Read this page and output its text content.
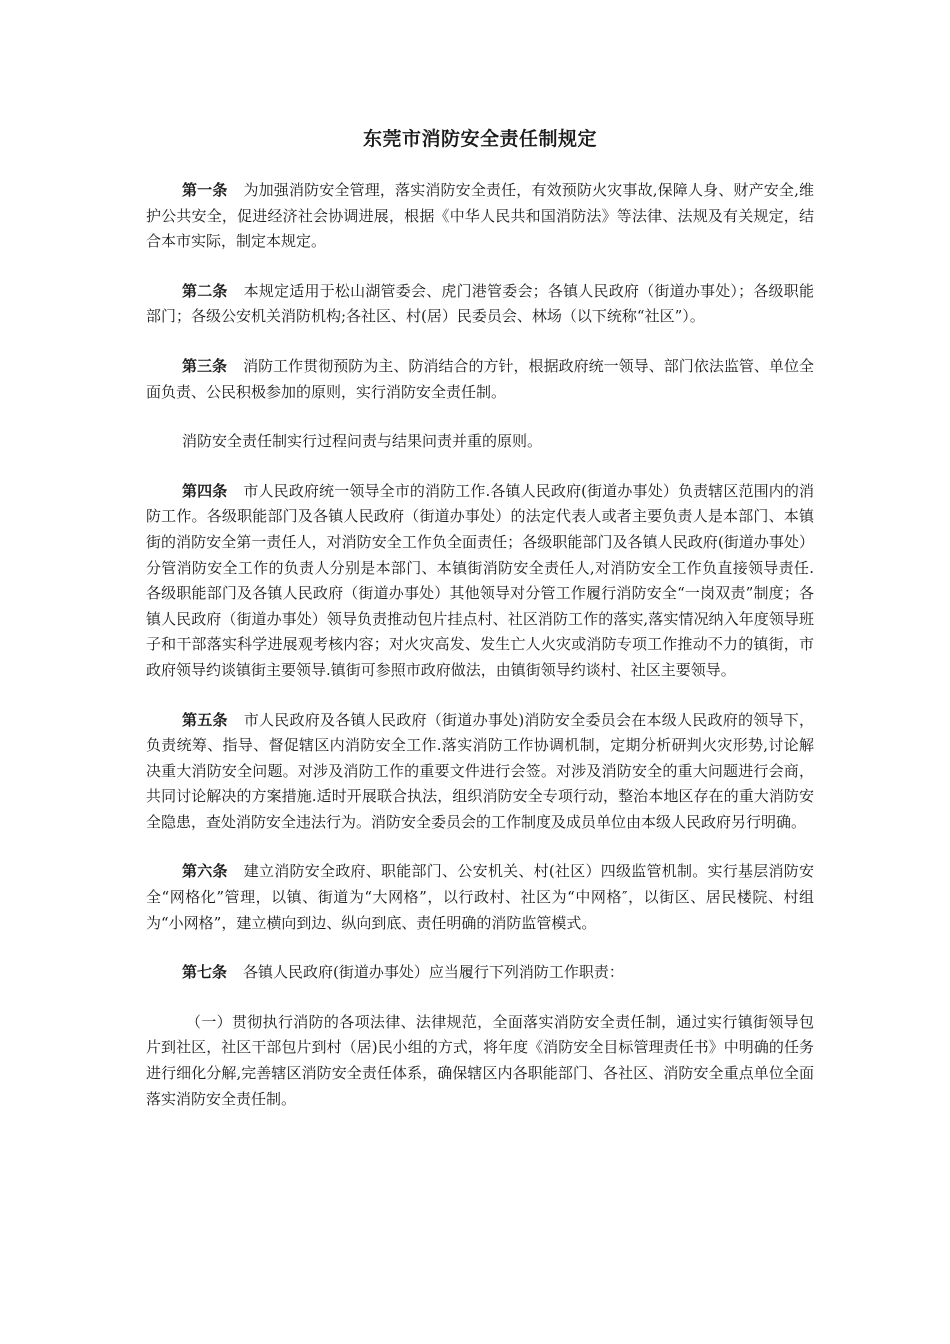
东莞市消防安全责任制规定

第一条 为加强消防安全管理，落实消防安全责任，有效预防火灾事故,保障人身、财产安全,维护公共安全，促进经济社会协调进展，根据《中华人民共和国消防法》等法律、法规及有关规定，结合本市实际，制定本规定。

第二条 本规定适用于松山湖管委会、虎门港管委会；各镇人民政府（街道办事处）；各级职能部门；各级公安机关消防机构;各社区、村(居）民委员会、林场（以下统称“社区”）。

第三条 消防工作贯彻预防为主、防消结合的方针，根据政府统一领导、部门依法监管、单位全面负责、公民积极参加的原则，实行消防安全责任制。

消防安全责任制实行过程问责与结果问责并重的原则。

第四条 市人民政府统一领导全市的消防工作.各镇人民政府(街道办事处）负责辖区范围内的消防工作。各级职能部门及各镇人民政府（街道办事处）的法定代表人或者主要负责人是本部门、本镇街的消防安全第一责任人，对消防安全工作负全面责任；各级职能部门及各镇人民政府(街道办事处）分管消防安全工作的负责人分别是本部门、本镇街消防安全责任人,对消防安全工作负直接领导责任.各级职能部门及各镇人民政府（街道办事处）其他领导对分管工作履行消防安全“一岗双责”制度；各镇人民政府（街道办事处）领导负责推动包片挂点村、社区消防工作的落实,落实情况纳入年度领导班子和干部落实科学进展观考核内容；对火灾高发、发生亡人火灾或消防专项工作推动不力的镇街，市政府领导约谈镇街主要领导.镇街可参照市政府做法，由镇街领导约谈村、社区主要领导。

第五条 市人民政府及各镇人民政府（街道办事处)消防安全委员会在本级人民政府的领导下，负责统筹、指导、督促辖区内消防安全工作.落实消防工作协调机制，定期分析研判火灾形势,讨论解决重大消防安全问题。对涉及消防工作的重要文件进行会签。对涉及消防安全的重大问题进行会商，共同讨论解决的方案措施.适时开展联合执法，组织消防安全专项行动，整治本地区存在的重大消防安全隐患，查处消防安全违法行为。消防安全委员会的工作制度及成员单位由本级人民政府另行明确。

第六条 建立消防安全政府、职能部门、公安机关、村(社区）四级监管机制。实行基层消防安全“网格化”管理，以镇、街道为“大网格”，以行政村、社区为“中网格″，以街区、居民楼院、村组为“小网格”，建立横向到边、纵向到底、责任明确的消防监管模式。

第七条 各镇人民政府(街道办事处）应当履行下列消防工作职责：

（一）贯彻执行消防的各项法律、法律规范，全面落实消防安全责任制，通过实行镇街领导包片到社区，社区干部包片到村（居)民小组的方式，将年度《消防安全目标管理责任书》中明确的任务进行细化分解,完善辖区消防安全责任体系，确保辖区内各职能部门、各社区、消防安全重点单位全面落实消防安全责任制。
